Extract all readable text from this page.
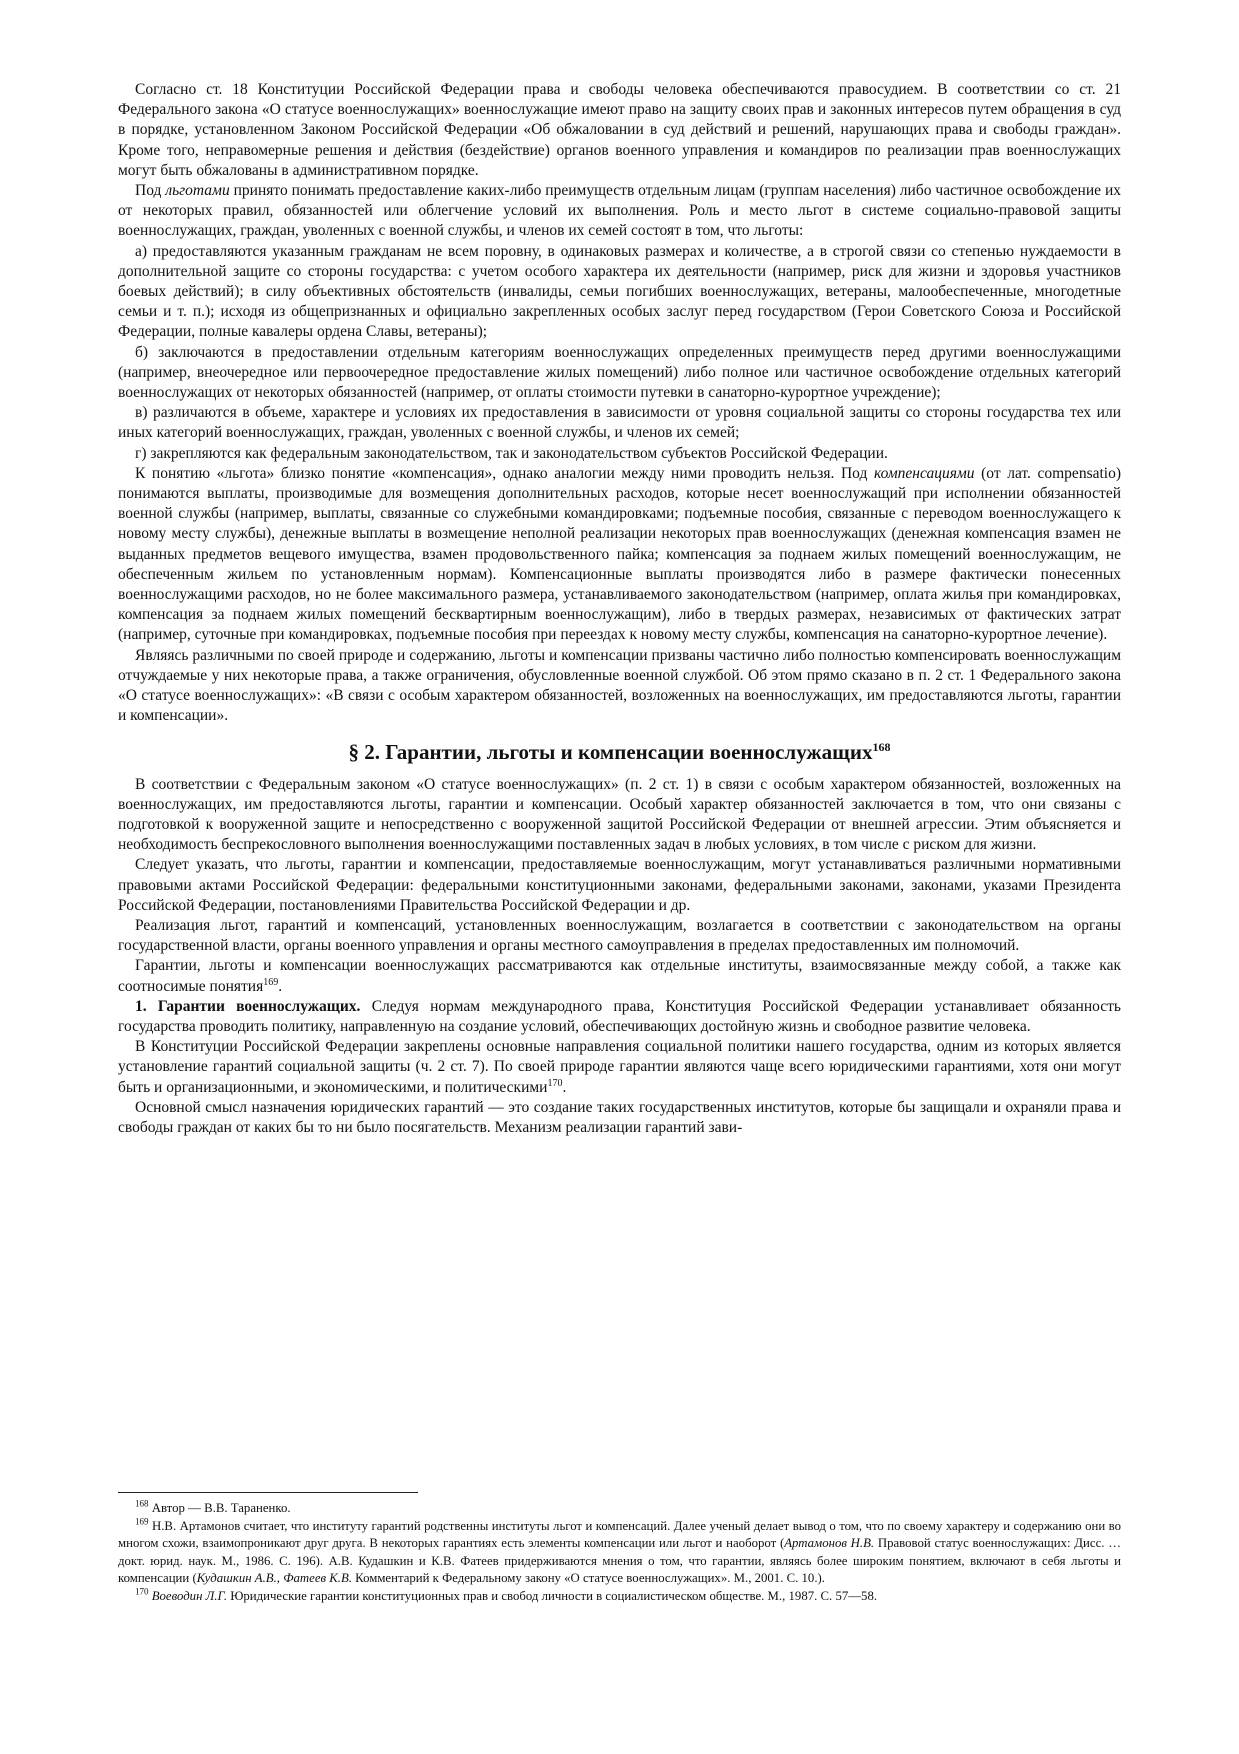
Согласно ст. 18 Конституции Российской Федерации права и свободы человека обеспечиваются правосудием. В соответствии со ст. 21 Федерального закона «О статусе военнослужащих» военнослужащие имеют право на защиту своих прав и законных интересов путем обращения в суд в порядке, установленном Законом Российской Федерации «Об обжаловании в суд действий и решений, нарушающих права и свободы граждан». Кроме того, неправомерные решения и действия (бездействие) органов военного управления и командиров по реализации прав военнослужащих могут быть обжалованы в административном порядке.

Под льготами принято понимать предоставление каких-либо преимуществ отдельным лицам (группам населения) либо частичное освобождение их от некоторых правил, обязанностей или облегчение условий их выполнения. Роль и место льгот в системе социально-правовой защиты военнослужащих, граждан, уволенных с военной службы, и членов их семей состоят в том, что льготы:

а) предоставляются указанным гражданам не всем поровну, в одинаковых размерах и количестве, а в строгой связи со степенью нуждаемости в дополнительной защите со стороны государства: с учетом особого характера их деятельности (например, риск для жизни и здоровья участников боевых действий); в силу объективных обстоятельств (инвалиды, семьи погибших военнослужащих, ветераны, малообеспеченные, многодетные семьи и т. п.); исходя из общепризнанных и официально закрепленных особых заслуг перед государством (Герои Советского Союза и Российской Федерации, полные кавалеры ордена Славы, ветераны);

б) заключаются в предоставлении отдельным категориям военнослужащих определенных преимуществ перед другими военнослужащими (например, внеочередное или первоочередное предоставление жилых помещений) либо полное или частичное освобождение отдельных категорий военнослужащих от некоторых обязанностей (например, от оплаты стоимости путевки в санаторно-курортное учреждение);

в) различаются в объеме, характере и условиях их предоставления в зависимости от уровня социальной защиты со стороны государства тех или иных категорий военнослужащих, граждан, уволенных с военной службы, и членов их семей;

г) закрепляются как федеральным законодательством, так и законодательством субъектов Российской Федерации.

К понятию «льгота» близко понятие «компенсация», однако аналогии между ними проводить нельзя. Под компенсациями (от лат. compensatio) понимаются выплаты, производимые для возмещения дополнительных расходов, которые несет военнослужащий при исполнении обязанностей военной службы (например, выплаты, связанные со служебными командировками; подъемные пособия, связанные с переводом военнослужащего к новому месту службы), денежные выплаты в возмещение неполной реализации некоторых прав военнослужащих (денежная компенсация взамен не выданных предметов вещевого имущества, взамен продовольственного пайка; компенсация за поднаем жилых помещений военнослужащим, не обеспеченным жильем по установленным нормам). Компенсационные выплаты производятся либо в размере фактически понесенных военнослужащими расходов, но не более максимального размера, устанавливаемого законодательством (например, оплата жилья при командировках, компенсация за поднаем жилых помещений бесквартирным военнослужащим), либо в твердых размерах, независимых от фактических затрат (например, суточные при командировках, подъемные пособия при переездах к новому месту службы, компенсация на санаторно-курортное лечение).

Являясь различными по своей природе и содержанию, льготы и компенсации призваны частично либо полностью компенсировать военнослужащим отчуждаемые у них некоторые права, а также ограничения, обусловленные военной службой. Об этом прямо сказано в п. 2 ст. 1 Федерального закона «О статусе военнослужащих»: «В связи с особым характером обязанностей, возложенных на военнослужащих, им предоставляются льготы, гарантии и компенсации».

§ 2. Гарантии, льготы и компенсации военнослужащих$^{168}$

В соответствии с Федеральным законом «О статусе военнослужащих» (п. 2 ст. 1) в связи с особым характером обязанностей, возложенных на военнослужащих, им предоставляются льготы, гарантии и компенсации. Особый характер обязанностей заключается в том, что они связаны с подготовкой к вооруженной защите и непосредственно с вооруженной защитой Российской Федерации от внешней агрессии. Этим объясняется и необходимость беспрекословного выполнения военнослужащими поставленных задач в любых условиях, в том числе с риском для жизни.

Следует указать, что льготы, гарантии и компенсации, предоставляемые военнослужащим, могут устанавливаться различными нормативными правовыми актами Российской Федерации: федеральными конституционными законами, федеральными законами, законами, указами Президента Российской Федерации, постановлениями Правительства Российской Федерации и др.

Реализация льгот, гарантий и компенсаций, установленных военнослужащим, возлагается в соответствии с законодательством на органы государственной власти, органы военного управления и органы местного самоуправления в пределах предоставленных им полномочий.

Гарантии, льготы и компенсации военнослужащих рассматриваются как отдельные институты, взаимосвязанные между собой, а также как соотносимые понятия$^{169}$.

1. Гарантии военнослужащих. Следуя нормам международного права, Конституция Российской Федерации устанавливает обязанность государства проводить политику, направленную на создание условий, обеспечивающих достойную жизнь и свободное развитие человека.

В Конституции Российской Федерации закреплены основные направления социальной политики нашего государства, одним из которых является установление гарантий социальной защиты (ч. 2 ст. 7). По своей природе гарантии являются чаще всего юридическими гарантиями, хотя они могут быть и организационными, и экономическими, и политическими$^{170}$.

Основной смысл назначения юридических гарантий — это создание таких государственных институтов, которые бы защищали и охраняли права и свободы граждан от каких бы то ни было посягательств. Механизм реализации гарантий зави-

$^{168}$ Автор — В.В. Тараненко.

$^{169}$ Н.В. Артамонов считает, что институту гарантий родственны институты льгот и компенсаций. Далее ученый делает вывод о том, что по своему характеру и содержанию они во многом схожи, взаимопроникают друг друга. В некоторых гарантиях есть элементы компенсации или льгот и наоборот (Артамонов Н.В. Правовой статус военнослужащих: Дисс. … докт. юрид. наук. М., 1986. С. 196). А.В. Кудашкин и К.В. Фатеев придерживаются мнения о том, что гарантии, являясь более широким понятием, включают в себя льготы и компенсации (Кудашкин А.В., Фатеев К.В. Комментарий к Федеральному закону «О статусе военнослужащих». М., 2001. С. 10.).

$^{170}$ Воеводин Л.Г. Юридические гарантии конституционных прав и свобод личности в социалистическом обществе. М., 1987. С. 57—58.
